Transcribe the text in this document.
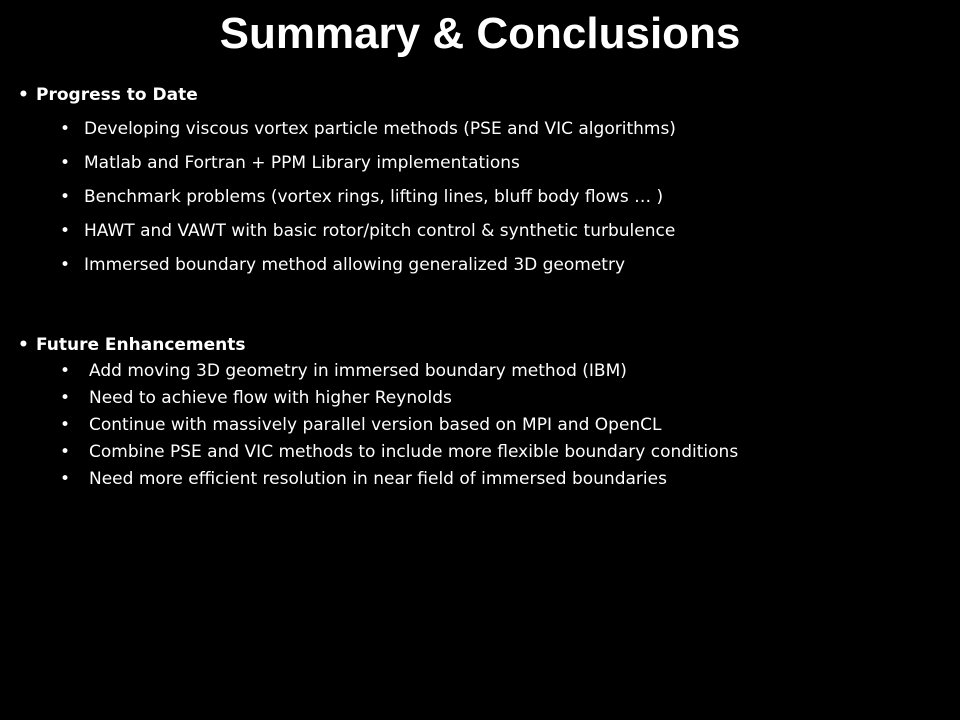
Summary & Conclusions
• Progress to Date
• Developing viscous vortex particle methods (PSE and VIC algorithms)
• Matlab and Fortran + PPM Library implementations
• Benchmark problems (vortex rings, lifting lines, bluff body flows … )
• HAWT and VAWT with basic rotor/pitch control & synthetic turbulence
• Immersed boundary method allowing generalized 3D geometry
• Future Enhancements
• Add moving 3D geometry in immersed boundary method (IBM)
• Need to achieve flow with higher Reynolds
• Continue with massively parallel version based on MPI and OpenCL
• Combine PSE and VIC methods to include more flexible boundary conditions
• Need more efficient resolution in near field of immersed boundaries
